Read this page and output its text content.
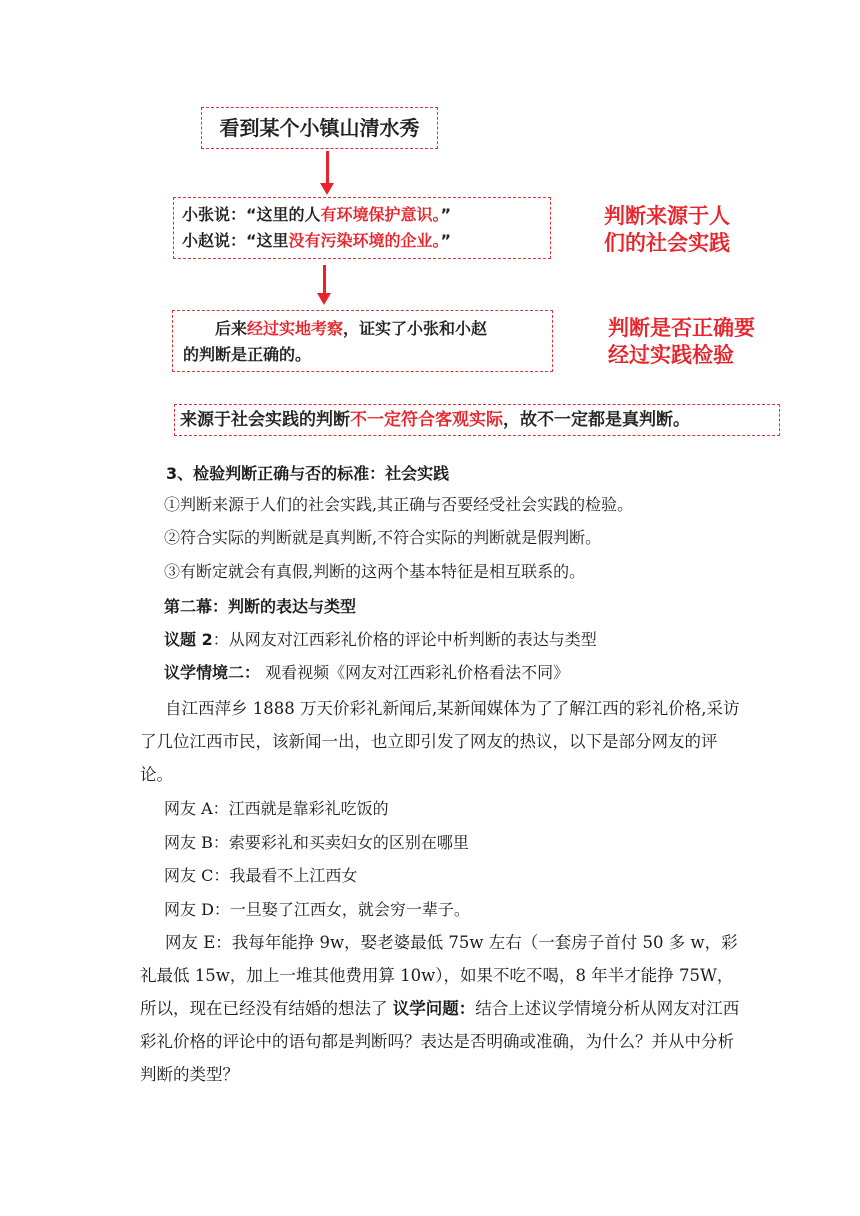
看到某个小镇山清水秀
小张说：“这里的人有环境保护意识。”
小赵说：“这里没有污染环境的企业。”
判断来源于人
们的社会实践
后来经过实地考察，证实了小张和小赵
的判断是正确的。
判断是否正确要
经过实践检验
来源于社会实践的判断不一定符合客观实际，故不一定都是真判断。
3、检验判断正确与否的标准：社会实践
①判断来源于人们的社会实践,其正确与否要经受社会实践的检验。
②符合实际的判断就是真判断,不符合实际的判断就是假判断。
③有断定就会有真假,判断的这两个基本特征是相互联系的。
第二幕：判断的表达与类型
议题 2：从网友对江西彩礼价格的评论中析判断的表达与类型
议学情境二： 观看视频《网友对江西彩礼价格看法不同》
自江西萍乡 1888 万天价彩礼新闻后,某新闻媒体为了了解江西的彩礼价格,采访了几位江西市民，该新闻一出，也立即引发了网友的热议，以下是部分网友的评论。
网友 A：江西就是靠彩礼吃饭的
网友 B：索要彩礼和买卖妇女的区别在哪里
网友 C：我最看不上江西女
网友 D：一旦娶了江西女，就会穷一辈子。
网友 E：我每年能挣 9w，娶老婆最低 75w 左右（一套房子首付 50 多 w，彩礼最低 15w，加上一堆其他费用算 10w），如果不吃不喝，8 年半才能挣 75W，所以，现在已经没有结婚的想法了 议学问题：结合上述议学情境分析从网友对江西彩礼价格的评论中的语句都是判断吗？表达是否明确或准确，为什么？并从中分析判断的类型？
